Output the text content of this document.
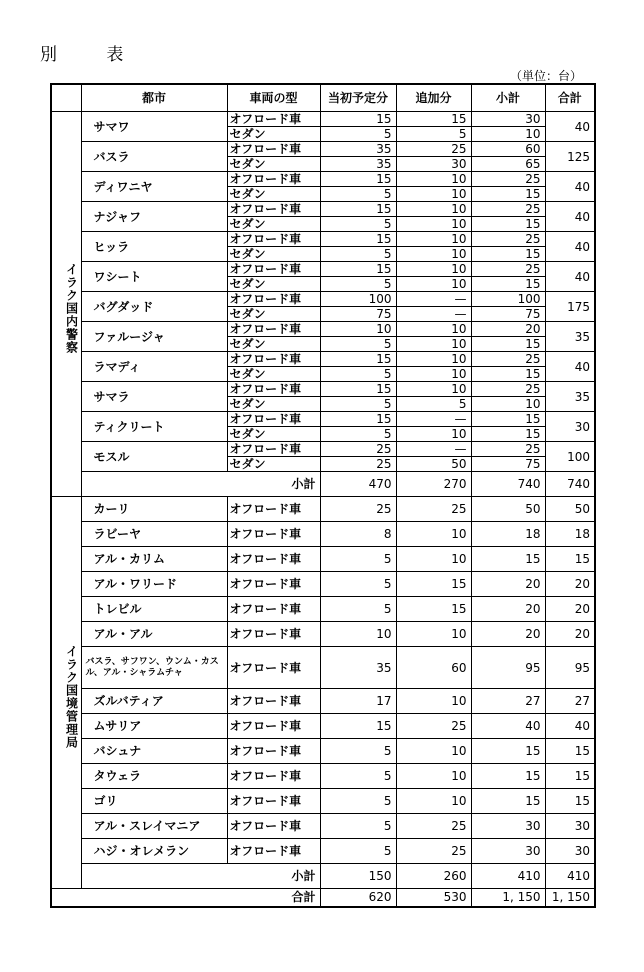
別 表
（単位：台）
	都市	車両の型	当初予定分	追加分	小計	合計
イラク国内警察	サマワ	オフロード車	15	15	30	40
		セダン	5	5	10	
	バスラ	オフロード車	35	25	60	125
		セダン	35	30	65	
	ディワニヤ	オフロード車	15	10	25	40
		セダン	5	10	15	
	ナジャフ	オフロード車	15	10	25	40
		セダン	5	10	15	
	ヒッラ	オフロード車	15	10	25	40
		セダン	5	10	15	
	ワシート	オフロード車	15	10	25	40
		セダン	5	10	15	
	バグダッド	オフロード車	100	—	100	175
		セダン	75	—	75	
	ファルージャ	オフロード車	10	10	20	35
		セダン	5	10	15	
	ラマディ	オフロード車	15	10	25	40
		セダン	5	10	15	
	サマラ	オフロード車	15	10	25	35
		セダン	5	5	10	
	ティクリート	オフロード車	15	—	15	30
		セダン	5	10	15	
	モスル	オフロード車	25	—	25	100
		セダン	25	50	75	
	小計		470	270	740	740
イラク国境管理局	カーリ	オフロード車	25	25	50	50
	ラビーヤ	オフロード車	8	10	18	18
	アル・カリム	オフロード車	5	10	15	15
	アル・ワリード	オフロード車	5	15	20	20
	トレビル	オフロード車	5	15	20	20
	アル・アル	オフロード車	10	10	20	20
	バスラ、サフワン、ウンム・カスル、アル・シャラムチャ	オフロード車	35	60	95	95
	ズルバティア	オフロード車	17	10	27	27
	ムサリア	オフロード車	15	25	40	40
	バシュナ	オフロード車	5	10	15	15
	タウェラ	オフロード車	5	10	15	15
	ゴリ	オフロード車	5	10	15	15
	アル・スレイマニア	オフロード車	5	25	30	30
	ハジ・オレメラン	オフロード車	5	25	30	30
	小計		150	260	410	410
合計			620	530	1, 150	1, 150
